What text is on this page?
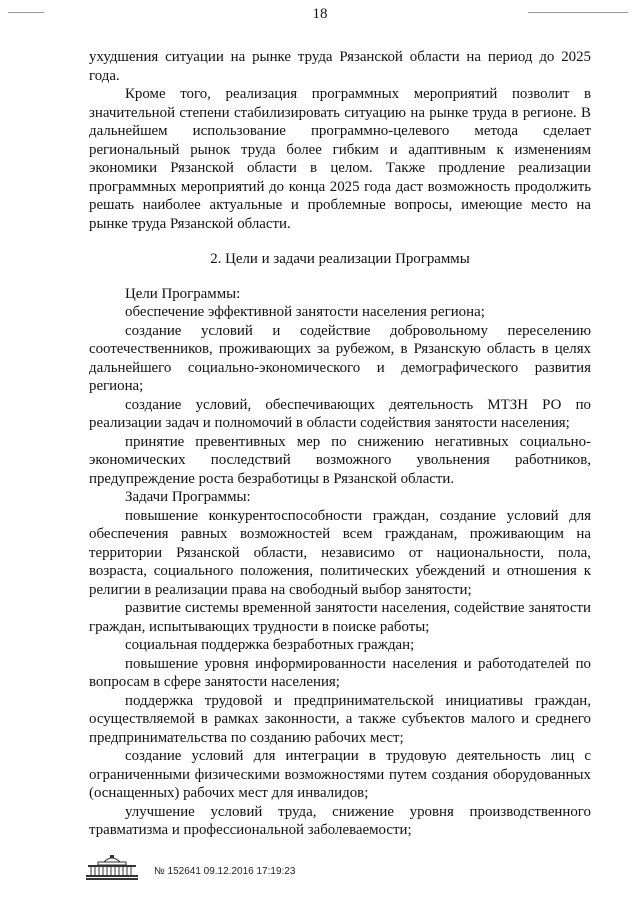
18

ухудшения ситуации на рынке труда Рязанской области на период до 2025 года.

Кроме того, реализация программных мероприятий позволит в значительной степени стабилизировать ситуацию на рынке труда в регионе. В дальнейшем использование программно-целевого метода сделает региональный рынок труда более гибким и адаптивным к изменениям экономики Рязанской области в целом. Также продление реализации программных мероприятий до конца 2025 года даст возможность продолжить решать наиболее актуальные и проблемные вопросы, имеющие место на рынке труда Рязанской области.

2. Цели и задачи реализации Программы

Цели Программы:

обеспечение эффективной занятости населения региона;

создание условий и содействие добровольному переселению соотечественников, проживающих за рубежом, в Рязанскую область в целях дальнейшего социально-экономического и демографического развития региона;

создание условий, обеспечивающих деятельность МТЗН РО по реализации задач и полномочий в области содействия занятости населения;

принятие превентивных мер по снижению негативных социально-экономических последствий возможного увольнения работников, предупреждение роста безработицы в Рязанской области.

Задачи Программы:

повышение конкурентоспособности граждан, создание условий для обеспечения равных возможностей всем гражданам, проживающим на территории Рязанской области, независимо от национальности, пола, возраста, социального положения, политических убеждений и отношения к религии в реализации права на свободный выбор занятости;

развитие системы временной занятости населения, содействие занятости граждан, испытывающих трудности в поиске работы;

социальная поддержка безработных граждан;

повышение уровня информированности населения и работодателей по вопросам в сфере занятости населения;

поддержка трудовой и предпринимательской инициативы граждан, осуществляемой в рамках законности, а также субъектов малого и среднего предпринимательства по созданию рабочих мест;

создание условий для интеграции в трудовую деятельность лиц с ограниченными физическими возможностями путем создания оборудованных (оснащенных) рабочих мест для инвалидов;

улучшение условий труда, снижение уровня производственного травматизма и профессиональной заболеваемости;

№ 152641 09.12.2016 17:19:23
